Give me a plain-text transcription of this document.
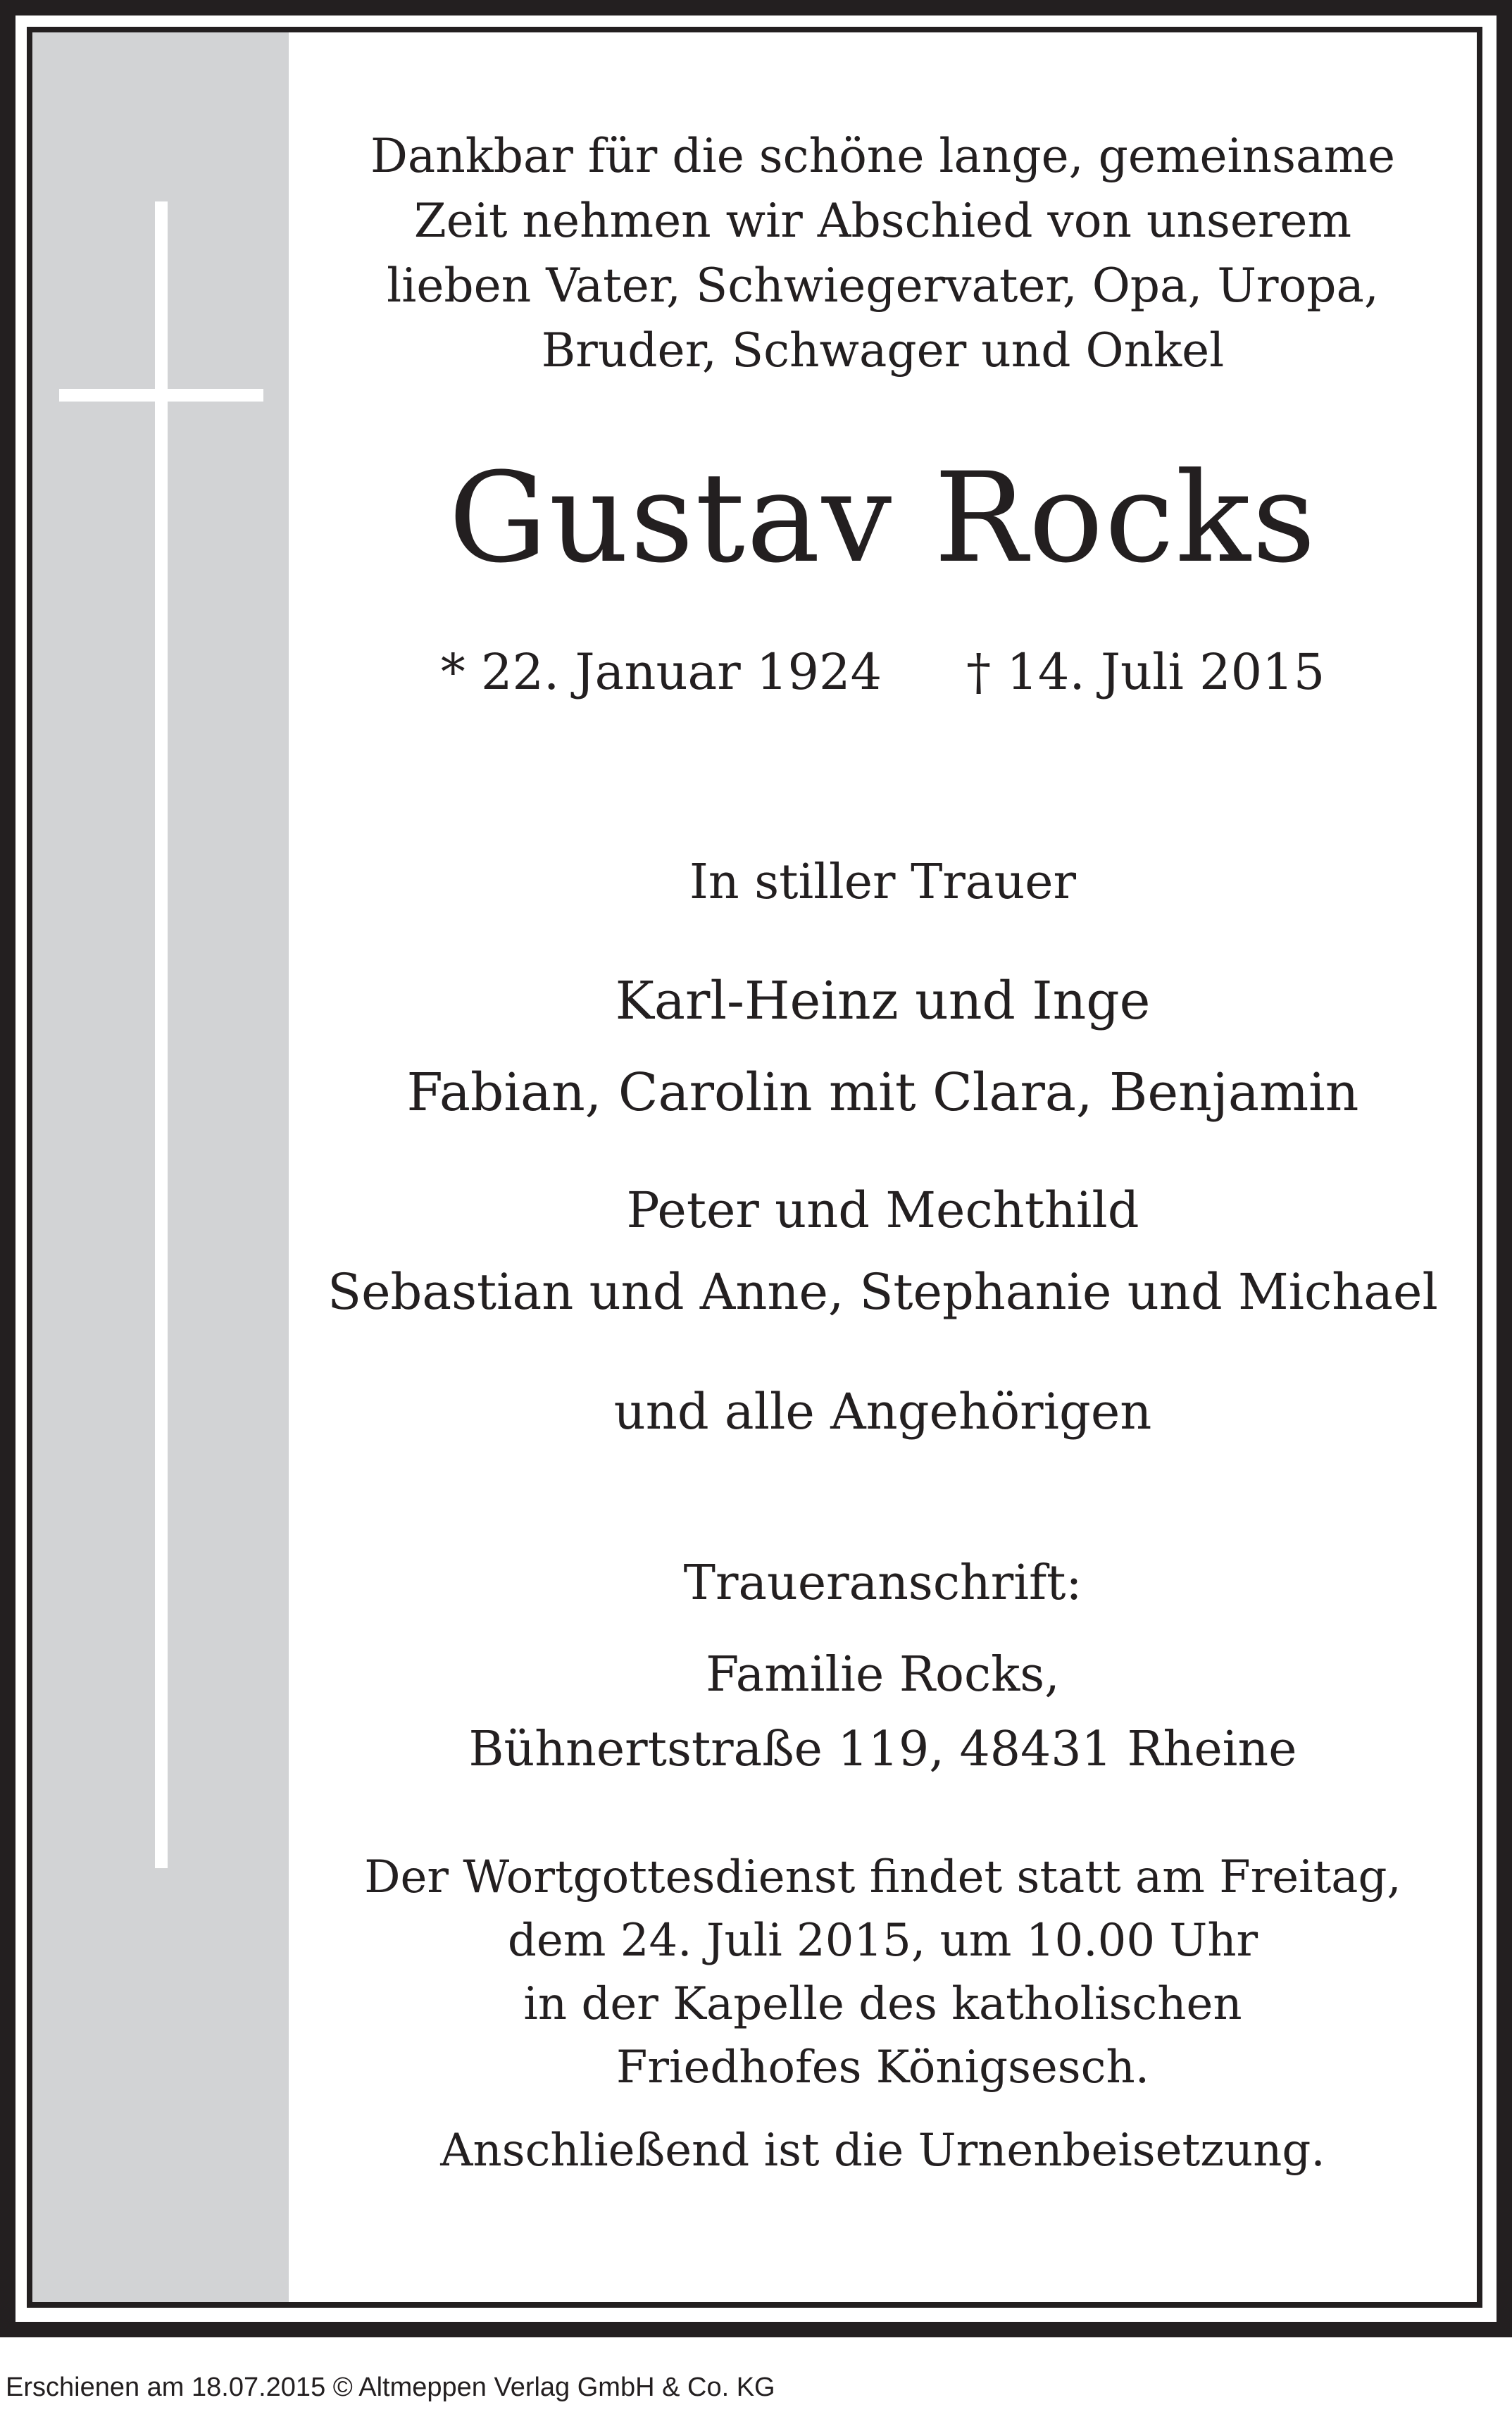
Dankbar für die schöne lange, gemeinsame
Zeit nehmen wir Abschied von unserem
lieben Vater, Schwiegervater, Opa, Uropa,
Bruder, Schwager und Onkel
Gustav Rocks
* 22. Januar 1924 † 14. Juli 2015
In stiller Trauer
Karl-Heinz und Inge
Fabian, Carolin mit Clara, Benjamin
Peter und Mechthild
Sebastian und Anne, Stephanie und Michael
und alle Angehörigen
Traueranschrift:
Familie Rocks,
Bühnertstraße 119, 48431 Rheine
Der Wortgottesdienst findet statt am Freitag,
dem 24. Juli 2015, um 10.00 Uhr
in der Kapelle des katholischen
Friedhofes Königsesch.
Anschließend ist die Urnenbeisetzung.
Erschienen am 18.07.2015 © Altmeppen Verlag GmbH & Co. KG
